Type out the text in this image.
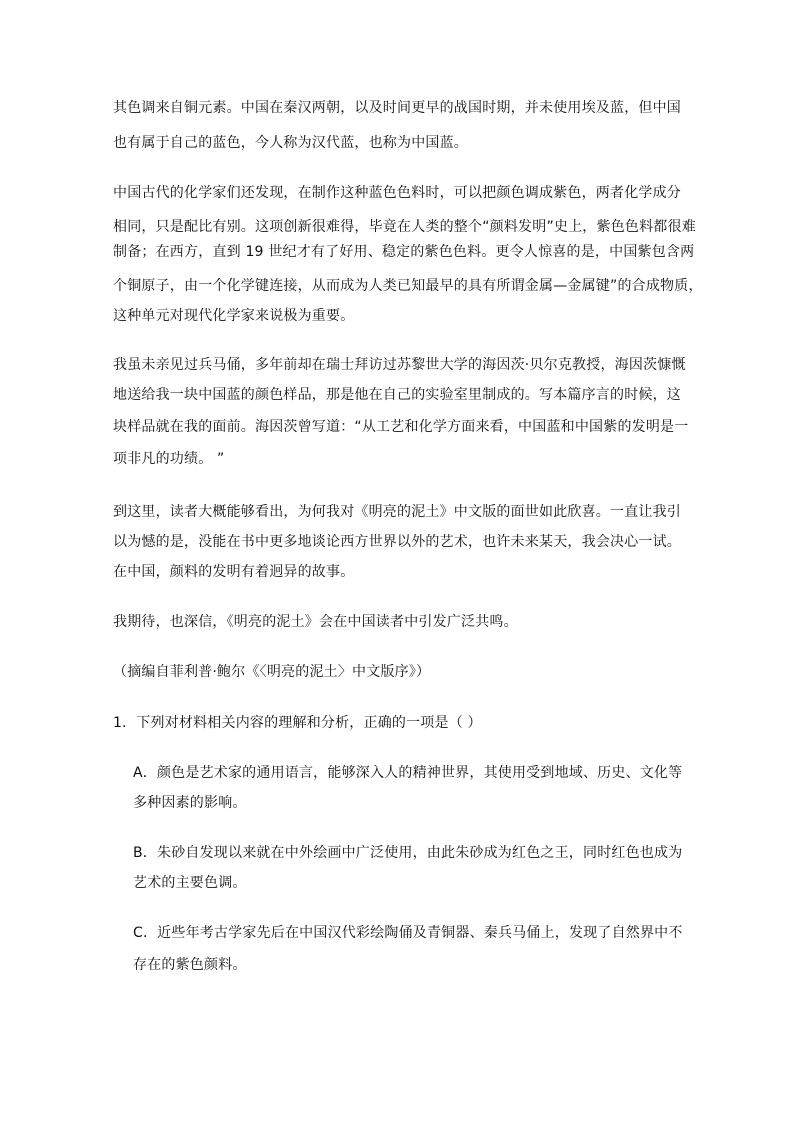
其色调来自铜元素。中国在秦汉两朝，以及时间更早的战国时期，并未使用埃及蓝，但中国
也有属于自己的蓝色，今人称为汉代蓝，也称为中国蓝。
中国古代的化学家们还发现，在制作这种蓝色色料时，可以把颜色调成紫色，两者化学成分
相同，只是配比有别。这项创新很难得，毕竟在人类的整个“颜料发明”史上，紫色色料都很难
制备；在西方，直到 19 世纪才有了好用、稳定的紫色色料。更令人惊喜的是，中国紫包含两
个铜原子，由一个化学键连接，从而成为人类已知最早的具有所谓金属—金属键”的合成物质，
这种单元对现代化学家来说极为重要。
我虽未亲见过兵马俑，多年前却在瑞士拜访过苏黎世大学的海因茨·贝尔克教授，海因茨慷慨
地送给我一块中国蓝的颜色样品，那是他在自己的实验室里制成的。写本篇序言的时候，这
块样品就在我的面前。海因茨曾写道：“从工艺和化学方面来看，中国蓝和中国紫的发明是一
项非凡的功绩。 ”
到这里，读者大概能够看出，为何我对《明亮的泥土》中文版的面世如此欣喜。一直让我引
以为憾的是，没能在书中更多地谈论西方世界以外的艺术，也许未来某天，我会决心一试。
在中国，颜料的发明有着迥异的故事。
我期待，也深信，《明亮的泥土》会在中国读者中引发广泛共鸣。
（摘编自菲利普·鲍尔《〈明亮的泥土〉中文版序》）
1．下列对材料相关内容的理解和分析，正确的一项是（ ）
A．颜色是艺术家的通用语言，能够深入人的精神世界，其使用受到地域、历史、文化等
多种因素的影响。
B．朱砂自发现以来就在中外绘画中广泛使用，由此朱砂成为红色之王，同时红色也成为
艺术的主要色调。
C．近些年考古学家先后在中国汉代彩绘陶俑及青铜器、秦兵马俑上，发现了自然界中不
存在的紫色颜料。
